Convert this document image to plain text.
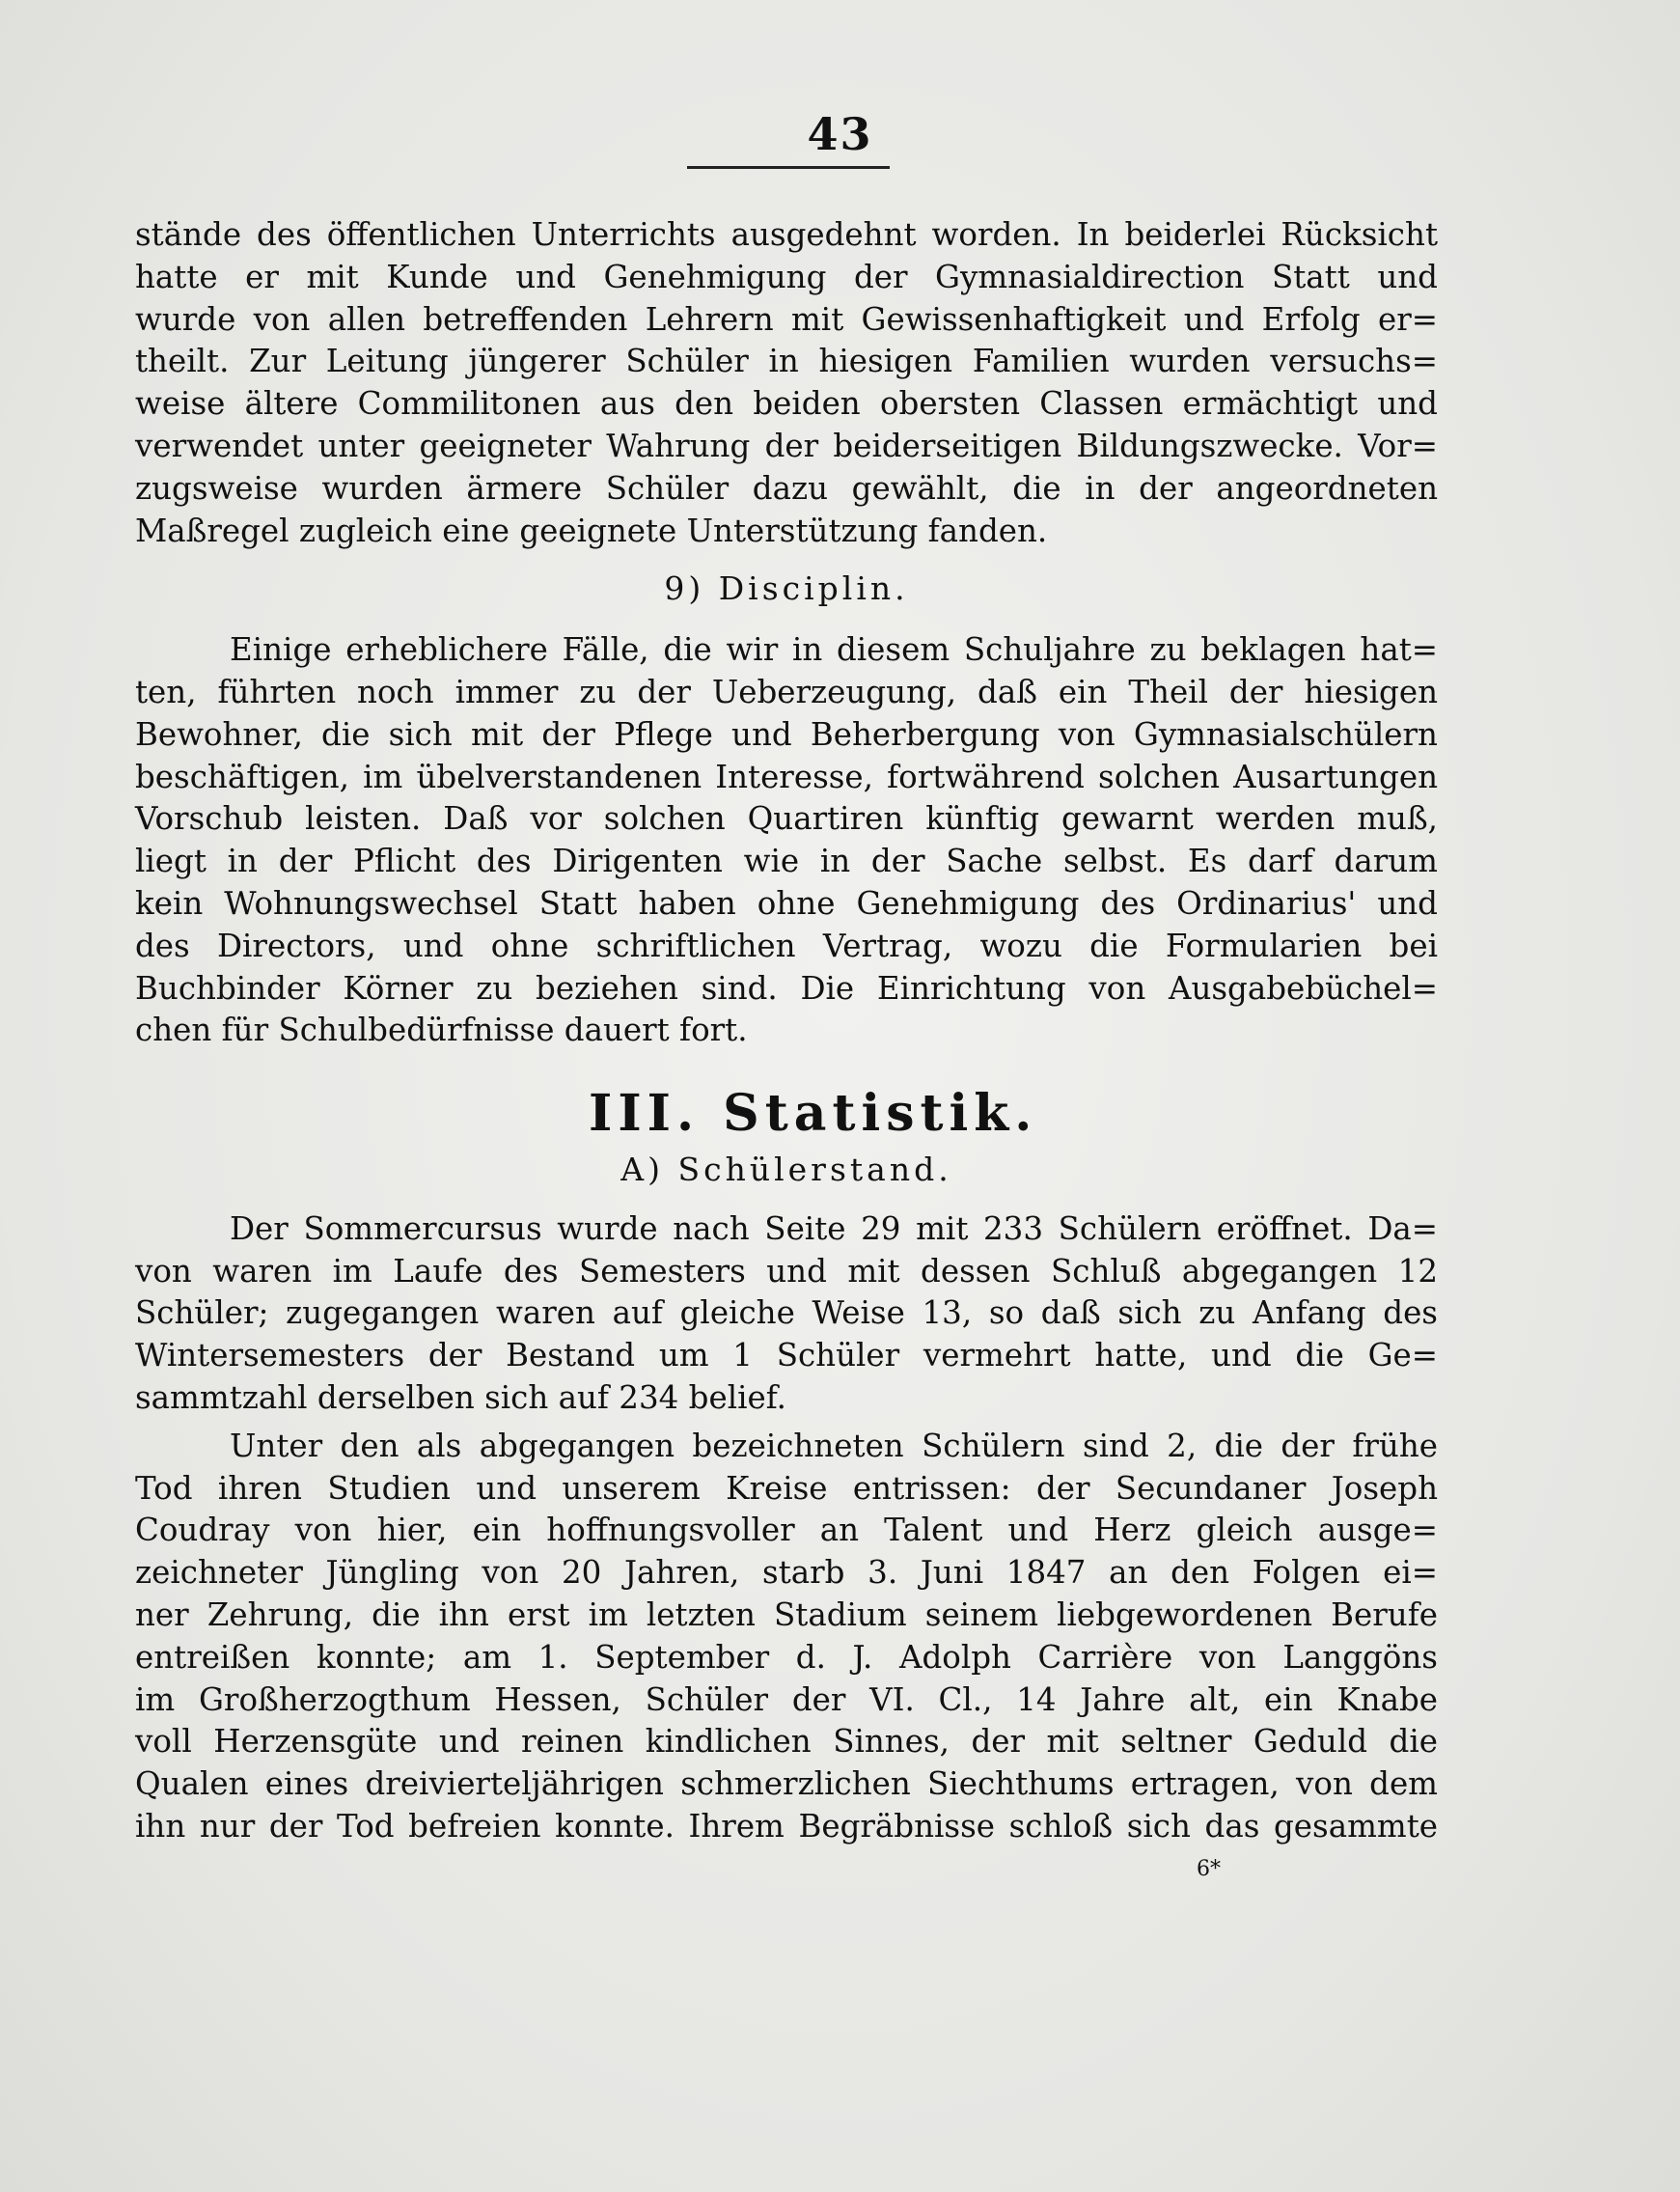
43
stände des öffentlichen Unterrichts ausgedehnt worden. In beiderlei Rücksicht
hatte er mit Kunde und Genehmigung der Gymnasialdirection Statt und
wurde von allen betreffenden Lehrern mit Gewissenhaftigkeit und Erfolg er=
theilt. Zur Leitung jüngerer Schüler in hiesigen Familien wurden versuchs=
weise ältere Commilitonen aus den beiden obersten Classen ermächtigt und
verwendet unter geeigneter Wahrung der beiderseitigen Bildungszwecke. Vor=
zugsweise wurden ärmere Schüler dazu gewählt, die in der angeordneten
Maßregel zugleich eine geeignete Unterstützung fanden.
9) Disciplin.
Einige erheblichere Fälle, die wir in diesem Schuljahre zu beklagen hat=
ten, führten noch immer zu der Ueberzeugung, daß ein Theil der hiesigen
Bewohner, die sich mit der Pflege und Beherbergung von Gymnasialschülern
beschäftigen, im übelverstandenen Interesse, fortwährend solchen Ausartungen
Vorschub leisten. Daß vor solchen Quartiren künftig gewarnt werden muß,
liegt in der Pflicht des Dirigenten wie in der Sache selbst. Es darf darum
kein Wohnungswechsel Statt haben ohne Genehmigung des Ordinarius' und
des Directors, und ohne schriftlichen Vertrag, wozu die Formularien bei
Buchbinder Körner zu beziehen sind. Die Einrichtung von Ausgabebüchel=
chen für Schulbedürfnisse dauert fort.
III. Statistik.
A) Schülerstand.
Der Sommercursus wurde nach Seite 29 mit 233 Schülern eröffnet. Da=
von waren im Laufe des Semesters und mit dessen Schluß abgegangen 12
Schüler; zugegangen waren auf gleiche Weise 13, so daß sich zu Anfang des
Wintersemesters der Bestand um 1 Schüler vermehrt hatte, und die Ge=
sammtzahl derselben sich auf 234 belief.
Unter den als abgegangen bezeichneten Schülern sind 2, die der frühe
Tod ihren Studien und unserem Kreise entrissen: der Secundaner Joseph
Coudray von hier, ein hoffnungsvoller an Talent und Herz gleich ausge=
zeichneter Jüngling von 20 Jahren, starb 3. Juni 1847 an den Folgen ei=
ner Zehrung, die ihn erst im letzten Stadium seinem liebgewordenen Berufe
entreißen konnte; am 1. September d. J. Adolph Carrière von Langgöns
im Großherzogthum Hessen, Schüler der VI. Cl., 14 Jahre alt, ein Knabe
voll Herzensgüte und reinen kindlichen Sinnes, der mit seltner Geduld die
Qualen eines dreivierteljährigen schmerzlichen Siechthums ertragen, von dem
ihn nur der Tod befreien konnte. Ihrem Begräbnisse schloß sich das gesammte
6*
